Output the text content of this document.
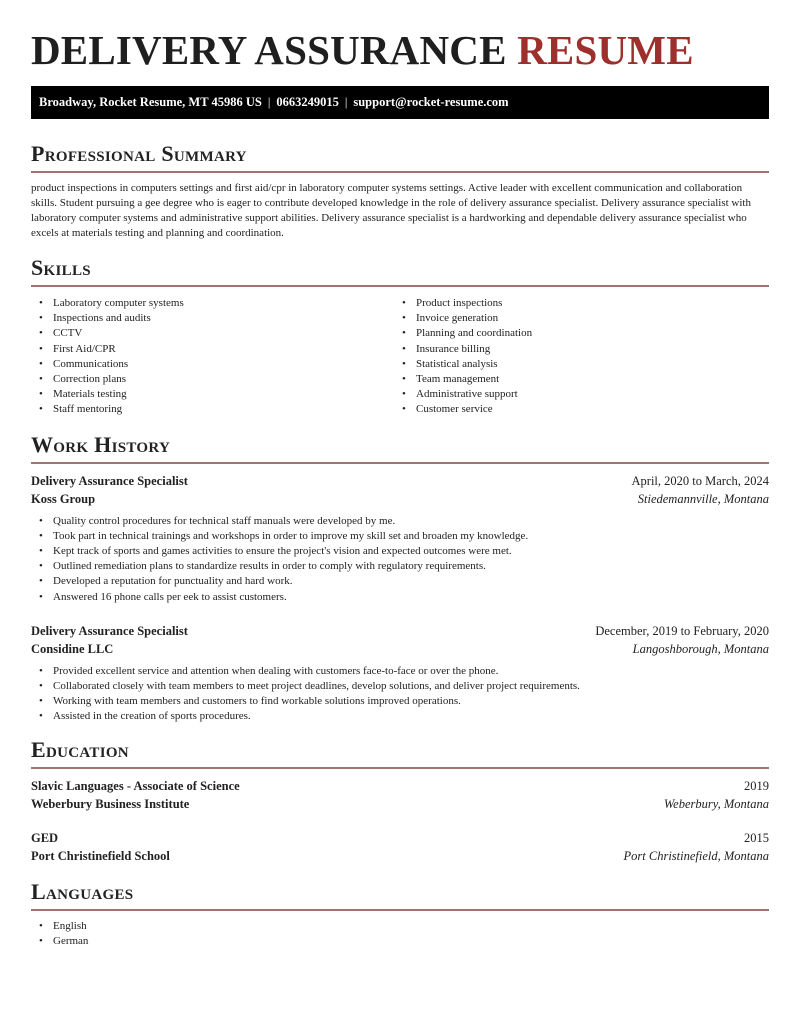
DELIVERY ASSURANCE RESUME
Broadway, Rocket Resume, MT 45986 US | 0663249015 | support@rocket-resume.com
Professional Summary
product inspections in computers settings and first aid/cpr in laboratory computer systems settings. Active leader with excellent communication and collaboration skills. Student pursuing a gee degree who is eager to contribute developed knowledge in the role of delivery assurance specialist. Delivery assurance specialist with laboratory computer systems and administrative support abilities. Delivery assurance specialist is a hardworking and dependable delivery assurance specialist who excels at materials testing and planning and coordination.
Skills
• Laboratory computer systems
• Inspections and audits
• CCTV
• First Aid/CPR
• Communications
• Correction plans
• Materials testing
• Staff mentoring
• Product inspections
• Invoice generation
• Planning and coordination
• Insurance billing
• Statistical analysis
• Team management
• Administrative support
• Customer service
Work History
Delivery Assurance Specialist	April, 2020 to March, 2024
Koss Group	Stiedemannville, Montana
• Quality control procedures for technical staff manuals were developed by me.
• Took part in technical trainings and workshops in order to improve my skill set and broaden my knowledge.
• Kept track of sports and games activities to ensure the project's vision and expected outcomes were met.
• Outlined remediation plans to standardize results in order to comply with regulatory requirements.
• Developed a reputation for punctuality and hard work.
• Answered 16 phone calls per eek to assist customers.
Delivery Assurance Specialist	December, 2019 to February, 2020
Considine LLC	Langoshborough, Montana
• Provided excellent service and attention when dealing with customers face-to-face or over the phone.
• Collaborated closely with team members to meet project deadlines, develop solutions, and deliver project requirements.
• Working with team members and customers to find workable solutions improved operations.
• Assisted in the creation of sports procedures.
Education
Slavic Languages - Associate of Science	2019
Weberbury Business Institute	Weberbury, Montana
GED	2015
Port Christinefield School	Port Christinefield, Montana
Languages
• English
• German
